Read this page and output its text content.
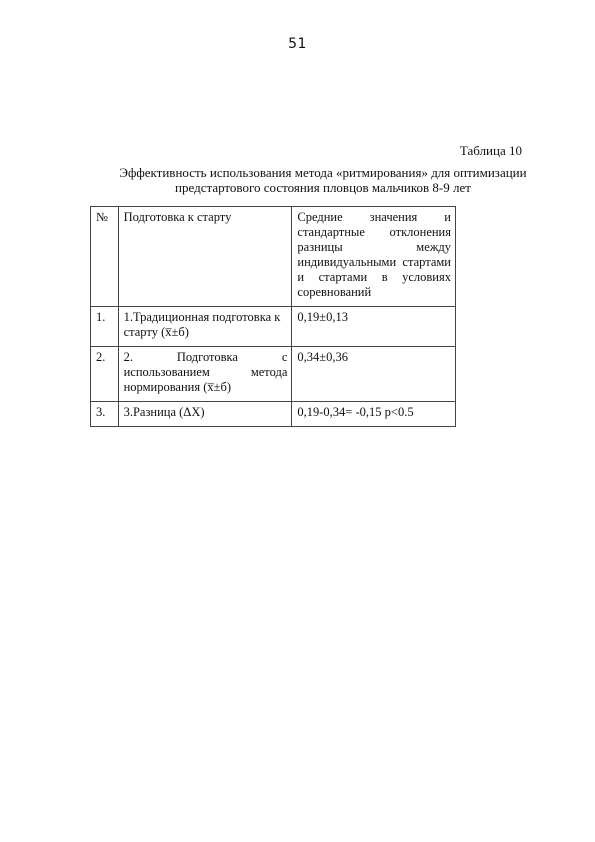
51
Таблица 10
Эффективность использования метода «ритмирования» для оптимизации предстартового состояния пловцов мальчиков 8-9 лет
№	Подготовка к старту	Средние значения и стандартные отклонения разницы между индивидуальными стартами и стартами в условиях соревнований
1.	1.Традиционная подготовка к старту (x̅±б)	0,19±0,13
2.	2. Подготовка с использованием метода нормирования (x̅±б)	0,34±0,36
3.	3.Разница (ΔX)	0,19-0,34= -0,15 p<0.5
